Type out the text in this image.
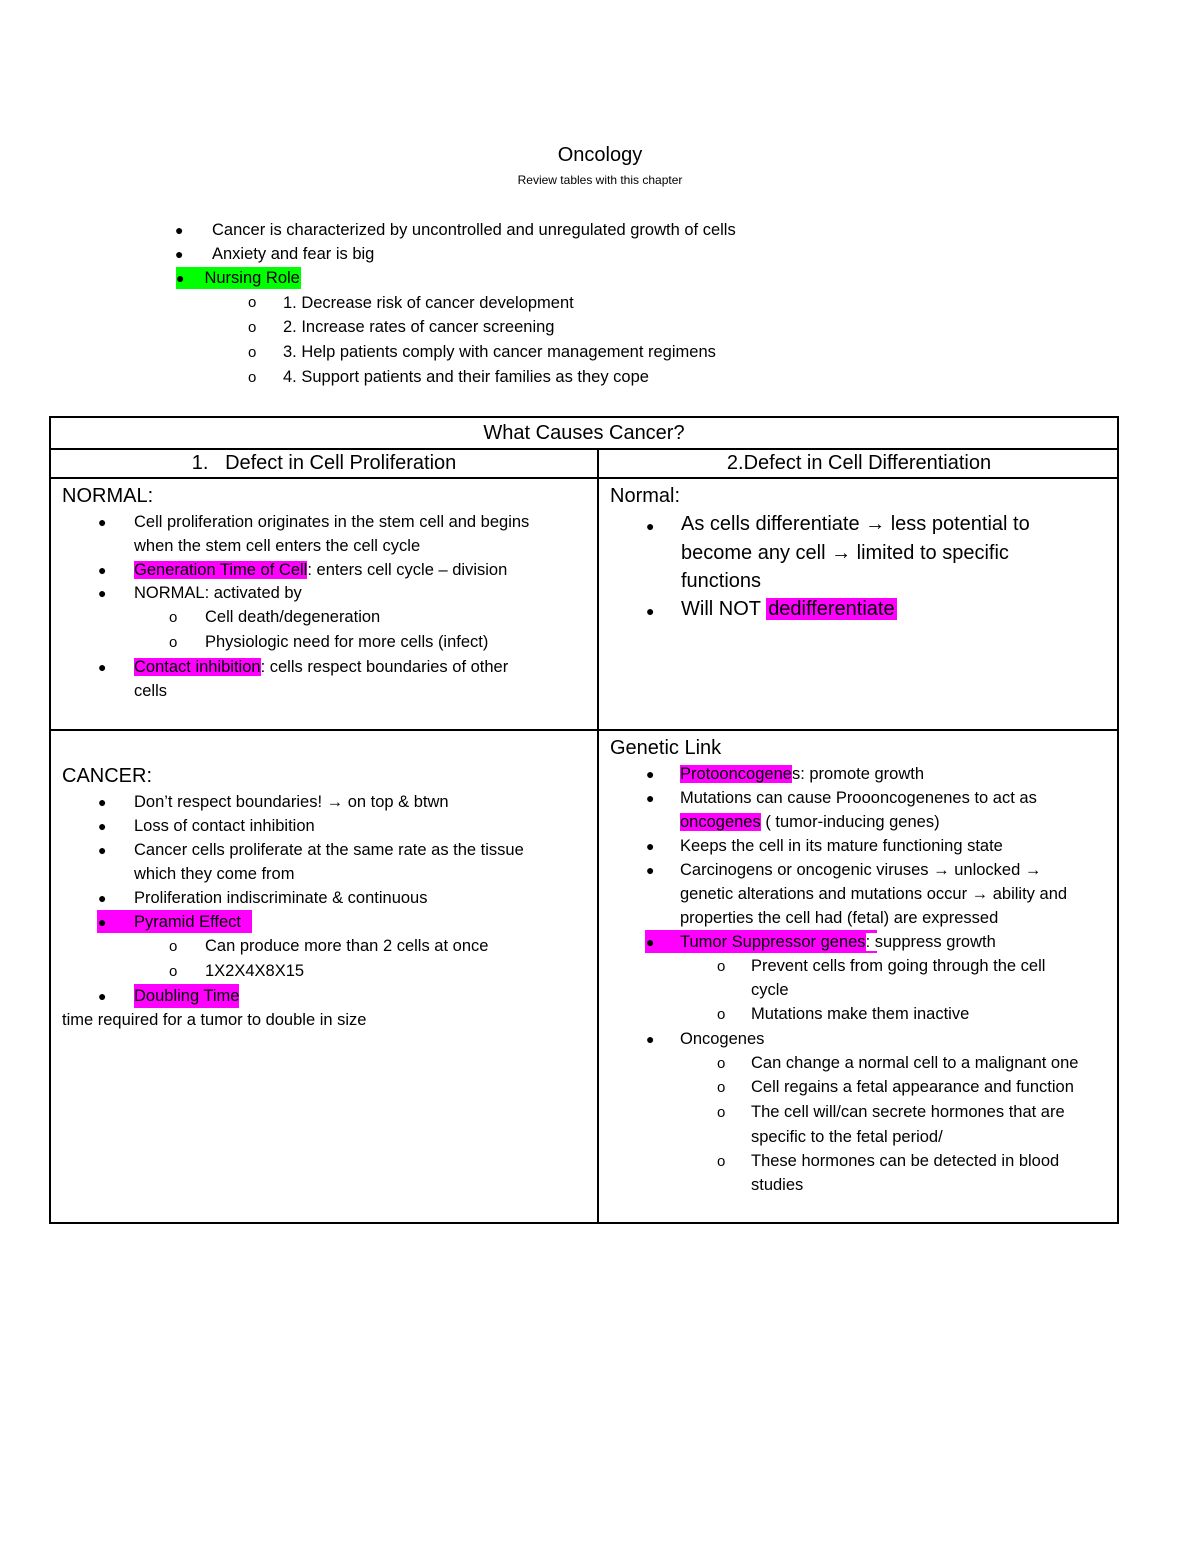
Oncology
Review tables with this chapter
● Cancer is characterized by uncontrolled and unregulated growth of cells
● Anxiety and fear is big
● Nursing Role
o 1. Decrease risk of cancer development
o 2. Increase rates of cancer screening
o 3. Help patients comply with cancer management regimens
o 4. Support patients and their families as they cope
What Causes Cancer?
1. Defect in Cell Proliferation	2.Defect in Cell Differentiation
NORMAL:
● Cell proliferation originates in the stem cell and begins
when the stem cell enters the cell cycle
● Generation Time of Cell: enters cell cycle – division
● NORMAL: activated by
o Cell death/degeneration
o Physiologic need for more cells (infect)
● Contact inhibition: cells respect boundaries of other
cells
Normal:
● As cells differentiate → less potential to
become any cell → limited to specific
functions
● Will NOT dedifferentiate
CANCER:
● Don’t respect boundaries! → on top & btwn
● Loss of contact inhibition
● Cancer cells proliferate at the same rate as the tissue
which they come from
● Proliferation indiscriminate & continuous
● Pyramid Effect
o Can produce more than 2 cells at once
o 1X2X4X8X15
● Doubling Time
time required for a tumor to double in size
Genetic Link
● Protooncogenes: promote growth
● Mutations can cause Proooncogenenes to act as
oncogenes ( tumor-inducing genes)
● Keeps the cell in its mature functioning state
● Carcinogens or oncogenic viruses → unlocked →
genetic alterations and mutations occur → ability and
properties the cell had (fetal) are expressed
● Tumor Suppressor genes: suppress growth
o Prevent cells from going through the cell
cycle
o Mutations make them inactive
● Oncogenes
o Can change a normal cell to a malignant one
o Cell regains a fetal appearance and function
o The cell will/can secrete hormones that are
specific to the fetal period/
o These hormones can be detected in blood
studies
